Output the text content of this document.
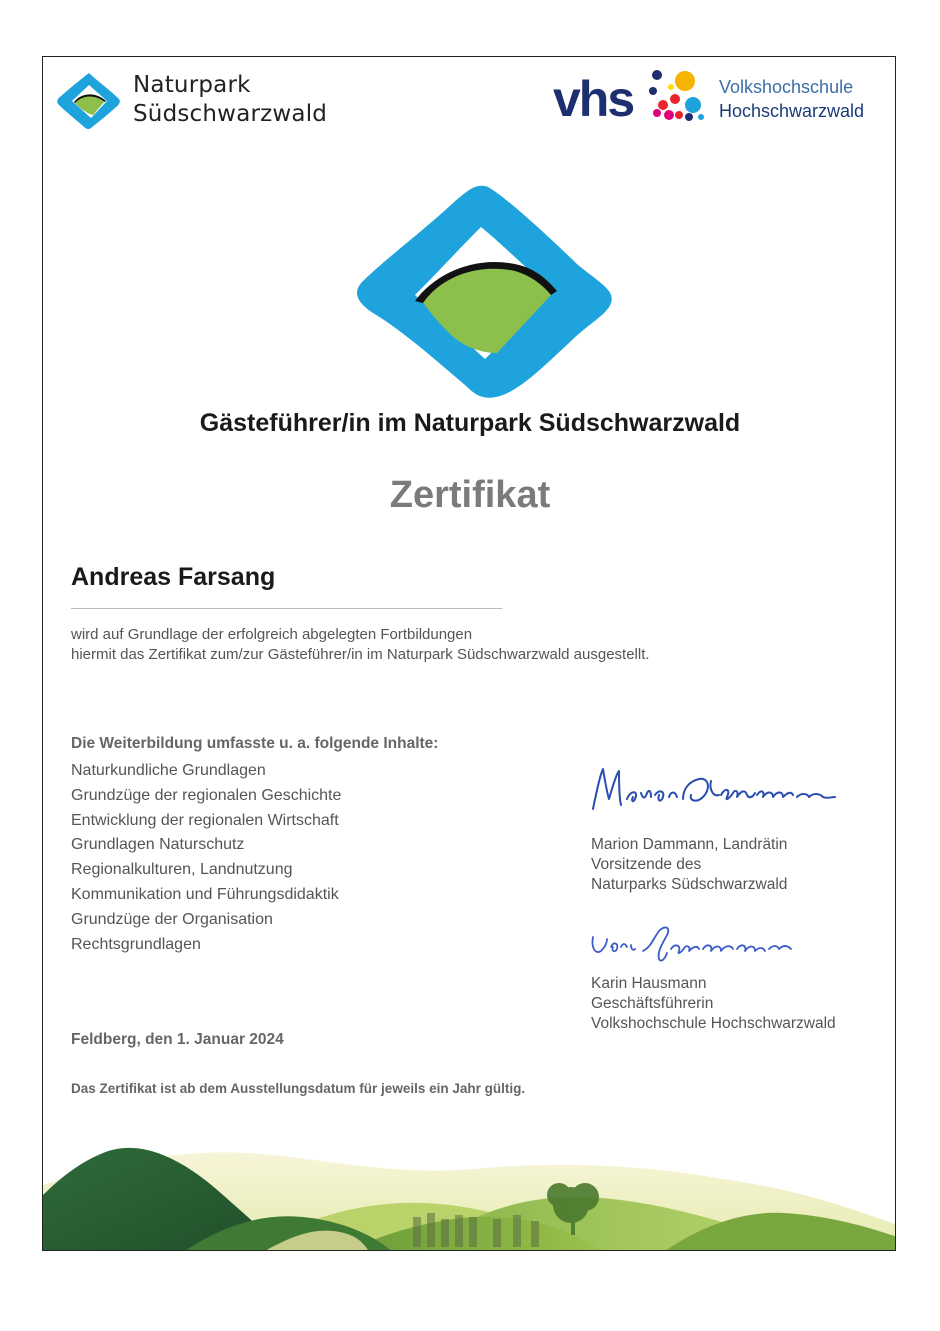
Naturpark
Südschwarzwald	vhs	Volkshochschule
Hochschwarzwald
Gästeführer/in im Naturpark Südschwarzwald
Zertifikat
Andreas Farsang
wird auf Grundlage der erfolgreich abgelegten Fortbildungen
hiermit das Zertifikat zum/zur Gästeführer/in im Naturpark Südschwarzwald ausgestellt.
Die Weiterbildung umfasste u. a. folgende Inhalte:
Naturkundliche Grundlagen
Grundzüge der regionalen Geschichte
Entwicklung der regionalen Wirtschaft
Grundlagen Naturschutz
Regionalkulturen, Landnutzung
Kommunikation und Führungsdidaktik
Grundzüge der Organisation
Rechtsgrundlagen
Marion Dammann, Landrätin
Vorsitzende des
Naturparks Südschwarzwald
Karin Hausmann
Geschäftsführerin
Volkshochschule Hochschwarzwald
Feldberg, den 1. Januar 2024
Das Zertifikat ist ab dem Ausstellungsdatum für jeweils ein Jahr gültig.
